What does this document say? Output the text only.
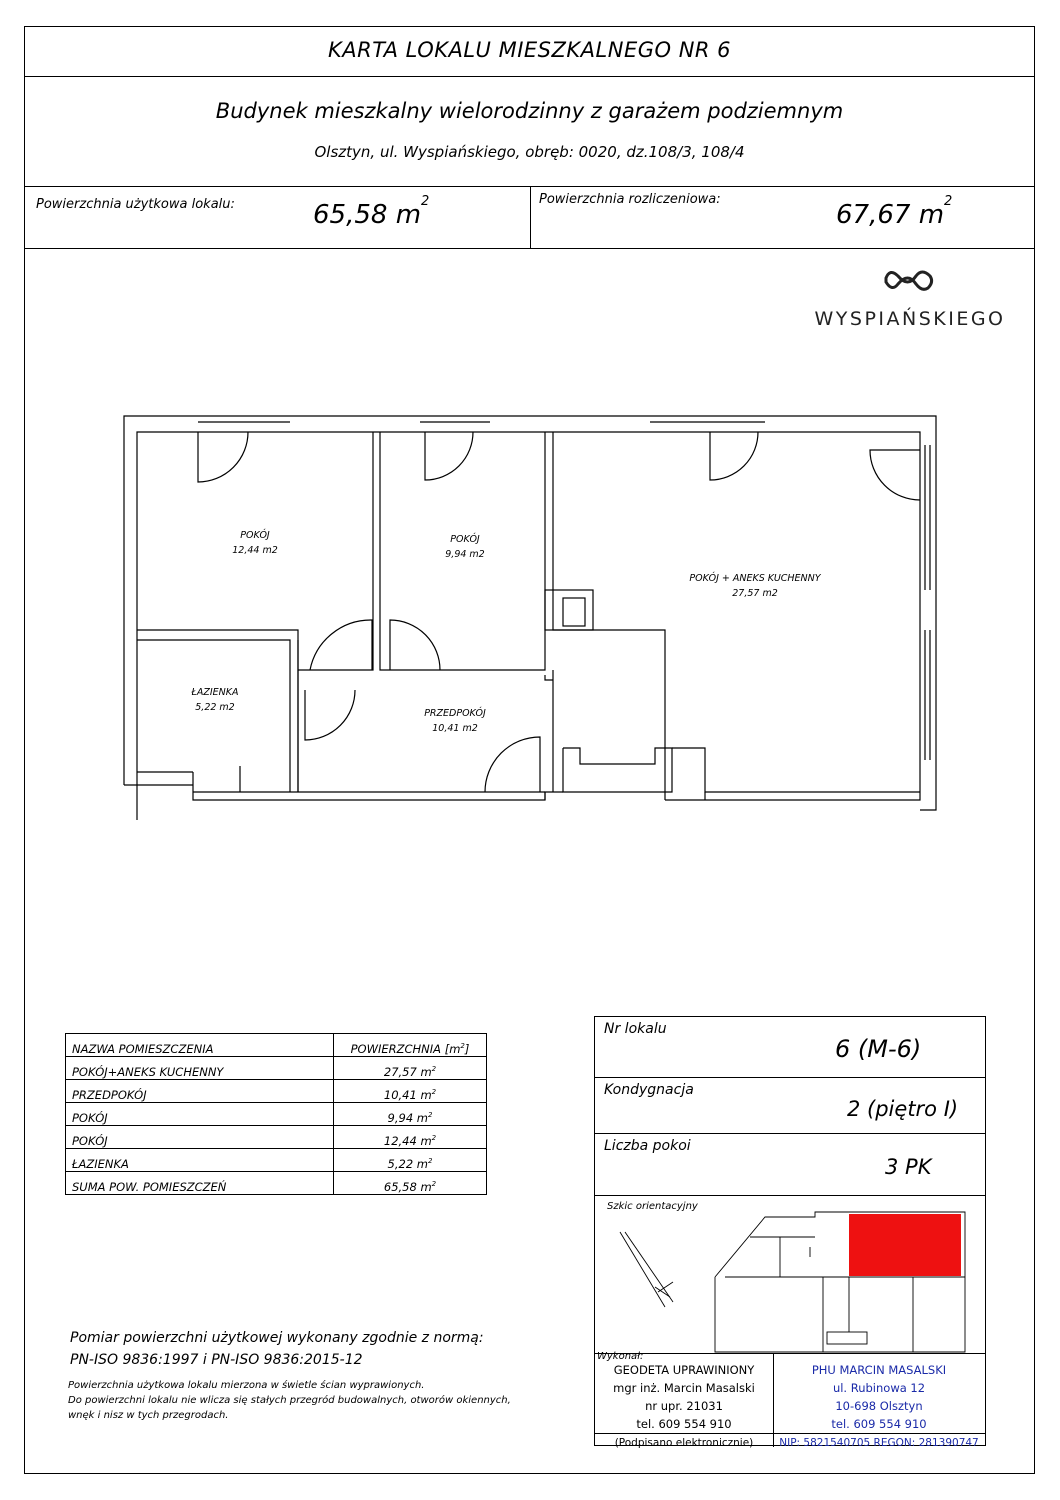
KARTA LOKALU MIESZKALNEGO NR 6
Budynek mieszkalny wielorodzinny z garażem podziemnym
Olsztyn, ul. Wyspiańskiego, obręb: 0020, dz.108/3, 108/4
Powierzchnia użytkowa lokalu:	65,58 $m^2$	Powierzchnia rozliczeniowa:
67,67 $m^2$
WYSPIAŃSKIEGO
POKÓJ
12,44 m2
POKÓJ
9,94 m2
POKÓJ + ANEKS KUCHENNY
27,57 m2
ŁAZIENKA
5,22 m2
PRZEDPOKÓJ
10,41 m2
NAZWA POMIESZCZENIA	POWIERZCHNIA $[m^2]$
POKÓJ+ANEKS KUCHENNY	27,57 $m^2$
PRZEDPOKÓJ	10,41 $m^2$
POKÓJ	9,94 $m^2$
POKÓJ	12,44 $m^2$
ŁAZIENKA	5,22 $m^2$
SUMA POW. POMIESZCZEŃ	65,58 $m^2$
Nr lokalu
6 (M-6)
Kondygnacja
2 (piętro I)
Liczba pokoi
3 PK
Szkic orientacyjny
Wykonał:
GEODETA UPRAWINIONY
mgr inż. Marcin Masalski
nr upr. 21031
tel. 609 554 910
(Podpisano elektronicznie)
PHU MARCIN MASALSKI
ul. Rubinowa 12
10-698 Olsztyn
tel. 609 554 910
NIP: 5821540705 REGON: 281390747
Pomiar powierzchni użytkowej wykonany zgodnie z normą:
PN-ISO 9836:1997 i PN-ISO 9836:2015-12
Powierzchnia użytkowa lokalu mierzona w świetle ścian wyprawionych.
Do powierzchni lokalu nie wlicza się stałych przegród budowalnych, otworów okiennych,
wnęk i nisz w tych przegrodach.
